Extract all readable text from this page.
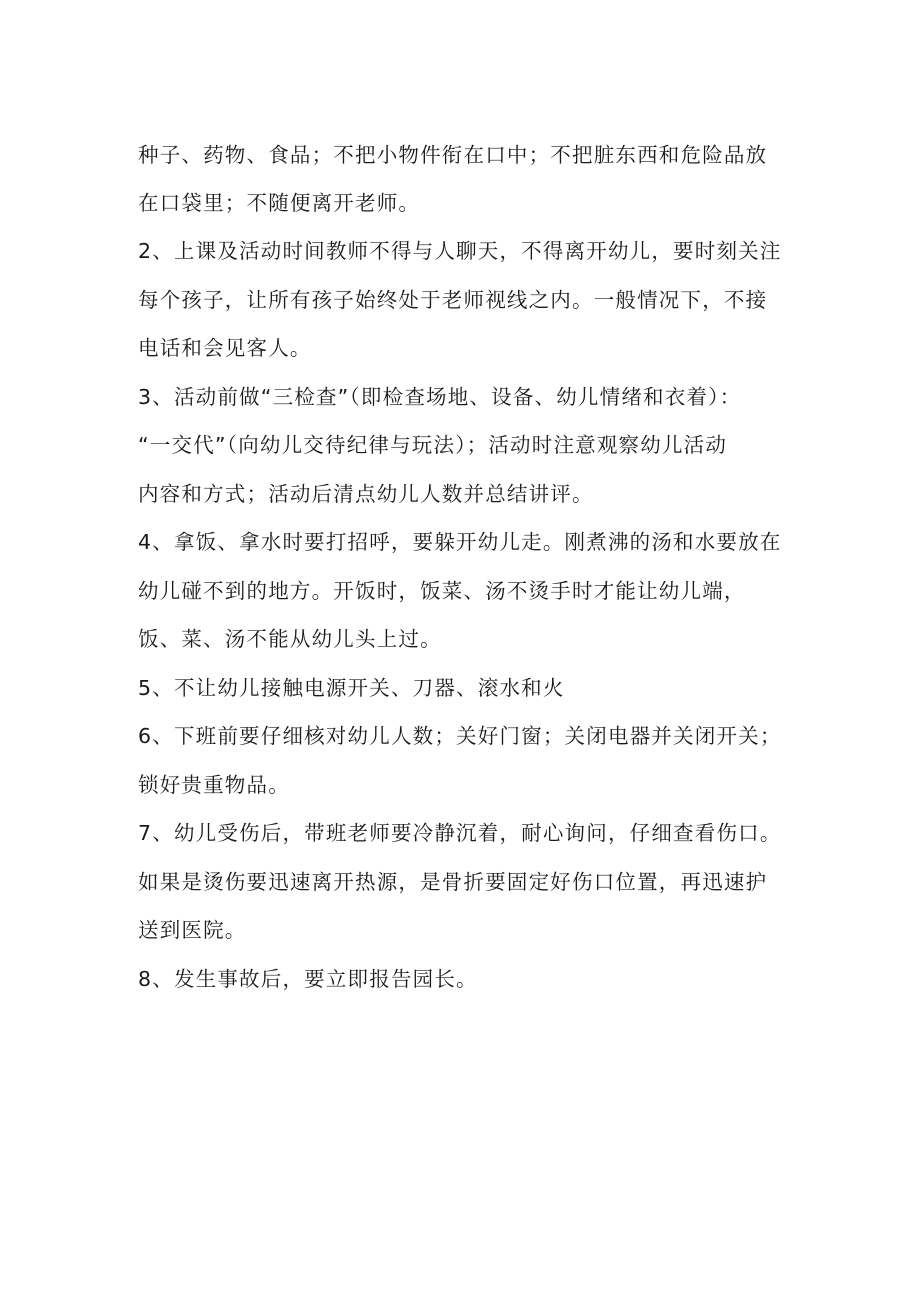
种子、药物、食品；不把小物件衔在口中；不把脏东西和危险品放
在口袋里；不随便离开老师。
2、上课及活动时间教师不得与人聊天，不得离开幼儿，要时刻关注
每个孩子，让所有孩子始终处于老师视线之内。一般情况下，不接
电话和会见客人。
3、活动前做“三检查”（即检查场地、设备、幼儿情绪和衣着）：
“一交代”（向幼儿交待纪律与玩法）；活动时注意观察幼儿活动
内容和方式；活动后清点幼儿人数并总结讲评。
4、拿饭、拿水时要打招呼，要躲开幼儿走。刚煮沸的汤和水要放在
幼儿碰不到的地方。开饭时，饭菜、汤不烫手时才能让幼儿端，
饭、菜、汤不能从幼儿头上过。
5、不让幼儿接触电源开关、刀器、滚水和火
6、下班前要仔细核对幼儿人数；关好门窗；关闭电器并关闭开关；
锁好贵重物品。
7、幼儿受伤后，带班老师要冷静沉着，耐心询问，仔细查看伤口。
如果是烫伤要迅速离开热源，是骨折要固定好伤口位置，再迅速护
送到医院。
8、发生事故后，要立即报告园长。
